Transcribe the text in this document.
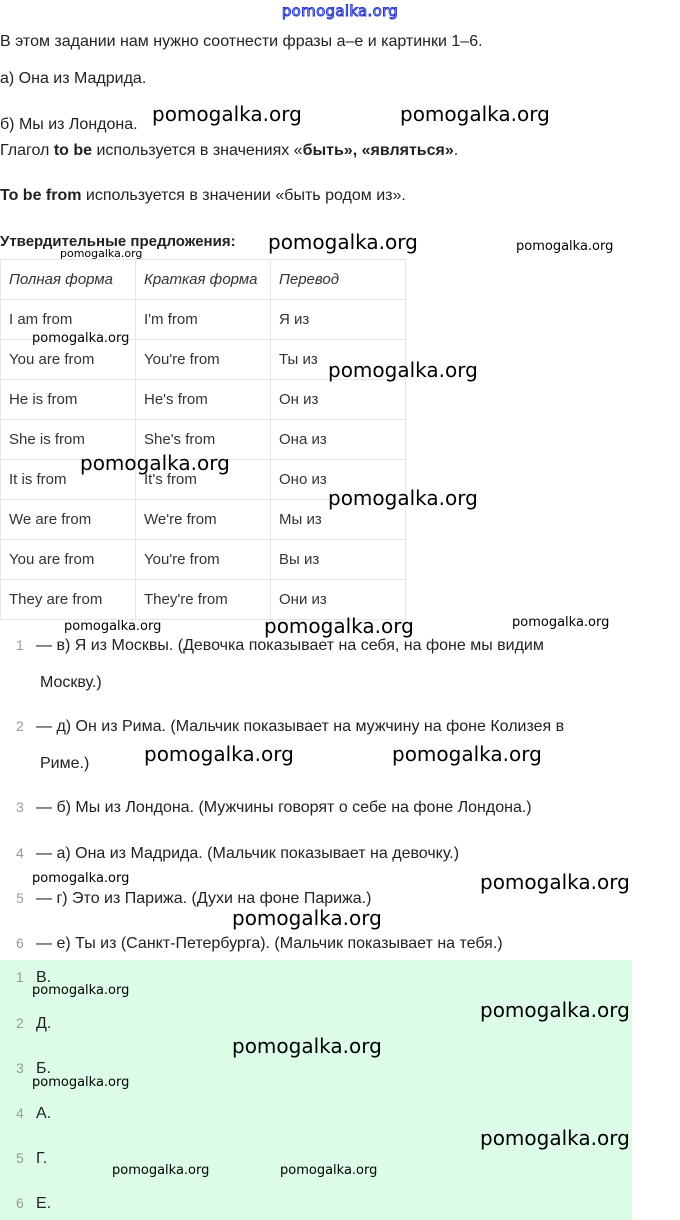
pomogalka.org
В этом задании нам нужно соотнести фразы а–е и картинки 1–6.
а) Она из Мадрида.
б) Мы из Лондона.
Глагол to be используется в значениях «быть», «являться».
To be from используется в значении «быть родом из».
Утвердительные предложения:
Полная форма	Краткая форма	Перевод
I am from	I'm from	Я из
You are from	You're from	Ты из
He is from	He's from	Он из
She is from	She's from	Она из
It is from	It's from	Оно из
We are from	We're from	Мы из
You are from	You're from	Вы из
They are from	They're from	Они из
1 — в) Я из Москвы. (Девочка показывает на себя, на фоне мы видим
Москву.)
2 — д) Он из Рима. (Мальчик показывает на мужчину на фоне Колизея в
Риме.)
3 — б) Мы из Лондона. (Мужчины говорят о себе на фоне Лондона.)
4 — а) Она из Мадрида. (Мальчик показывает на девочку.)
5 — г) Это из Парижа. (Духи на фоне Парижа.)
6 — е) Ты из (Санкт-Петербурга). (Мальчик показывает на тебя.)
1 В.
2 Д.
3 Б.
4 А.
5 Г.
6 Е.
pomogalka.org	pomogalka.org
pomogalka.org	pomogalka.org
pomogalka.org
pomogalka.org
pomogalka.org
pomogalka.org
pomogalka.org
pomogalka.org	pomogalka.org	pomogalka.org
pomogalka.org	pomogalka.org
pomogalka.org	pomogalka.org
pomogalka.org
pomogalka.org
pomogalka.org
pomogalka.org
pomogalka.org
pomogalka.org
pomogalka.org	pomogalka.org
